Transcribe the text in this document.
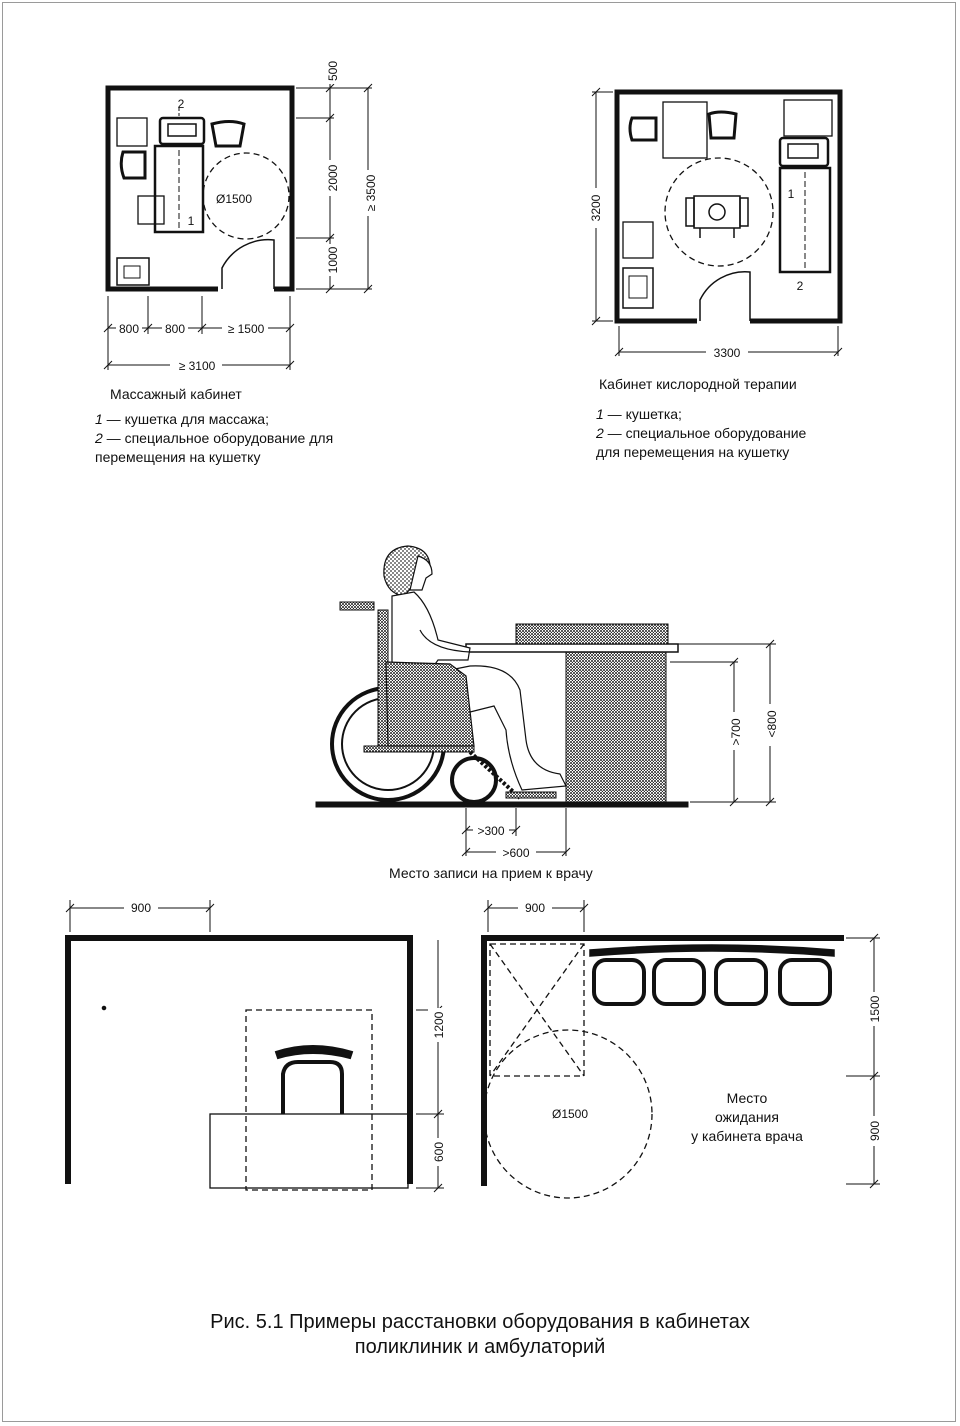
500
2000
1000
≥ 3500
800 800	≥ 1500
≥ 3100
Ø1500
1
2
3200
3300
1
2
>700 <800
>300
>600
900
1200
600
900
1500
900
Ø1500
Место
ожидания
у кабинета врача
Массажный кабинет
1 — кушетка для массажа;
2 — специальное оборудование для
перемещения на кушетку
Кабинет кислородной терапии
1 — кушетка;
2 — специальное оборудование
для перемещения на кушетку
Место записи на прием к врачу
Рис. 5.1 Примеры расстановки оборудования в кабинетах
поликлиник и амбулаторий
